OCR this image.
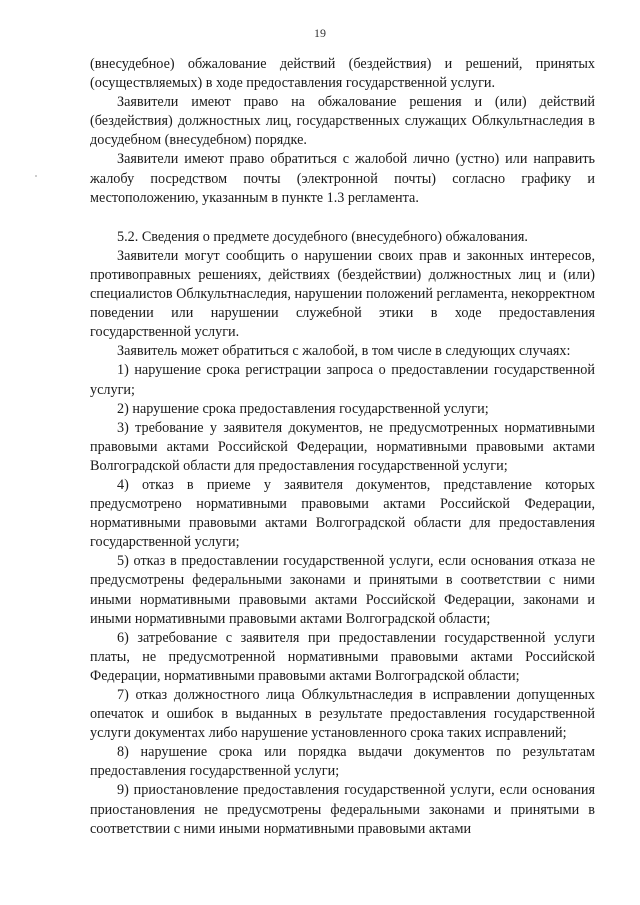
19

(внесудебное) обжалование действий (бездействия) и решений, принятых (осуществляемых) в ходе предоставления государственной услуги.

Заявители имеют право на обжалование решения и (или) действий (бездействия) должностных лиц, государственных служащих Облкультнаследия в досудебном (внесудебном) порядке.

Заявители имеют право обратиться с жалобой лично (устно) или направить жалобу посредством почты (электронной почты) согласно графику и местоположению, указанным в пункте 1.3 регламента.

5.2. Сведения о предмете досудебного (внесудебного) обжалования.

Заявители могут сообщить о нарушении своих прав и законных интересов, противоправных решениях, действиях (бездействии) должностных лиц и (или) специалистов Облкультнаследия, нарушении положений регламента, некорректном поведении или нарушении служебной этики в ходе предоставления государственной услуги.

Заявитель может обратиться с жалобой, в том числе в следующих случаях:

1) нарушение срока регистрации запроса о предоставлении государственной услуги;

2) нарушение срока предоставления государственной услуги;

3) требование у заявителя документов, не предусмотренных нормативными правовыми актами Российской Федерации, нормативными правовыми актами Волгоградской области для предоставления государственной услуги;

4) отказ в приеме у заявителя документов, представление которых предусмотрено нормативными правовыми актами Российской Федерации, нормативными правовыми актами Волгоградской области для предоставления государственной услуги;

5) отказ в предоставлении государственной услуги, если основания отказа не предусмотрены федеральными законами и принятыми в соответствии с ними иными нормативными правовыми актами Российской Федерации, законами и иными нормативными правовыми актами Волгоградской области;

6) затребование с заявителя при предоставлении государственной услуги платы, не предусмотренной нормативными правовыми актами Российской Федерации, нормативными правовыми актами Волгоградской области;

7) отказ должностного лица Облкультнаследия в исправлении допущенных опечаток и ошибок в выданных в результате предоставления государственной услуги документах либо нарушение установленного срока таких исправлений;

8) нарушение срока или порядка выдачи документов по результатам предоставления государственной услуги;

9) приостановление предоставления государственной услуги, если основания приостановления не предусмотрены федеральными законами и принятыми в соответствии с ними иными нормативными правовыми актами
